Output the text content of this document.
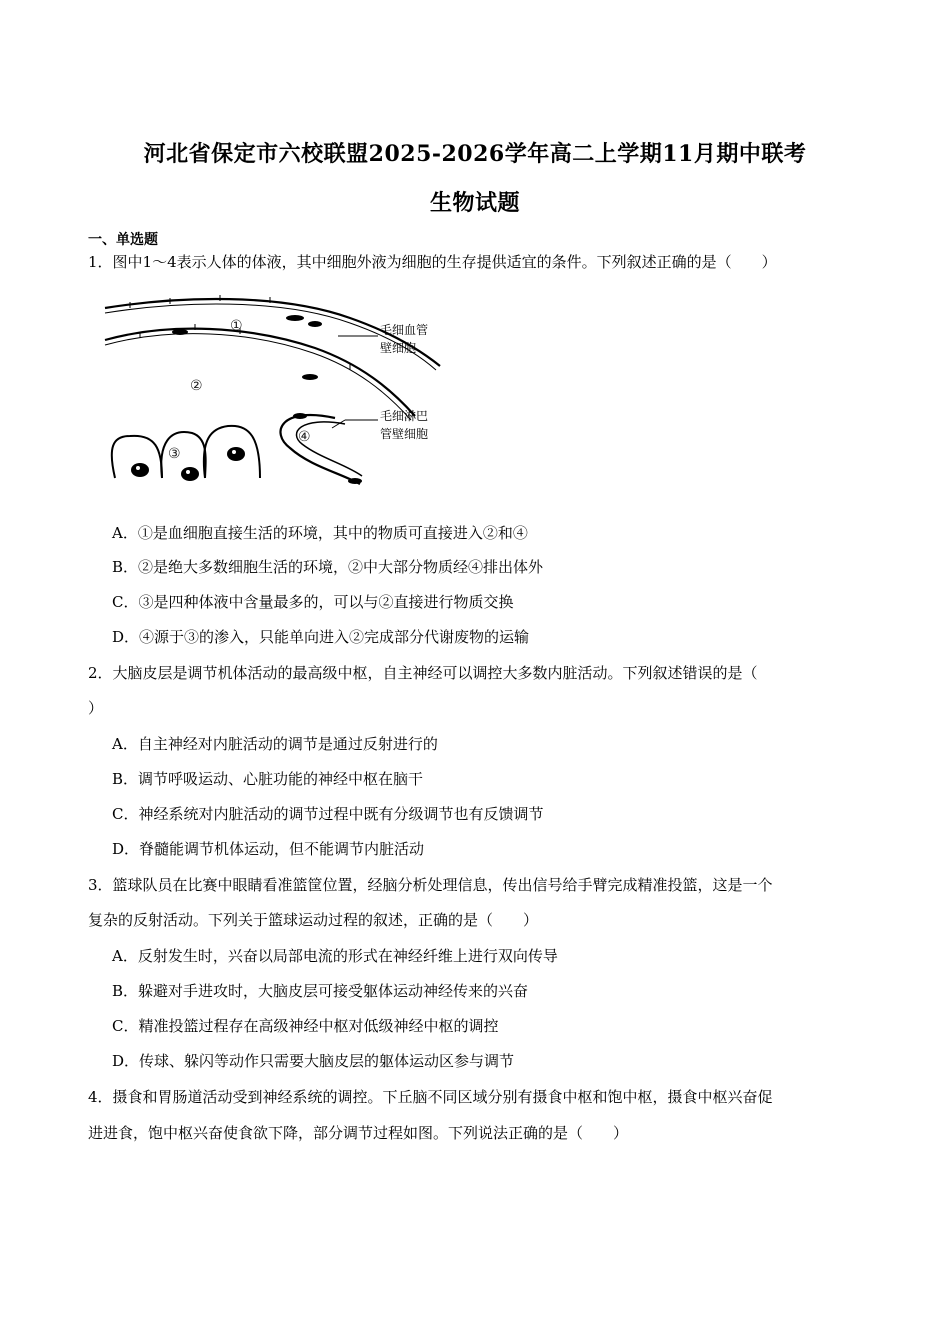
河北省保定市六校联盟2025-2026学年高二上学期11月期中联考
生物试题
一、单选题
1．图中1～4表示人体的体液，其中细胞外液为细胞的生存提供适宜的条件。下列叙述正确的是（　　）
①
②
③
④
毛细血管
壁细胞
毛细淋巴
管壁细胞
A．①是血细胞直接生活的环境，其中的物质可直接进入②和④
B．②是绝大多数细胞生活的环境，②中大部分物质经④排出体外
C．③是四种体液中含量最多的，可以与②直接进行物质交换
D．④源于③的渗入，只能单向进入②完成部分代谢废物的运输
2．大脑皮层是调节机体活动的最高级中枢，自主神经可以调控大多数内脏活动。下列叙述错误的是（
）
A．自主神经对内脏活动的调节是通过反射进行的
B．调节呼吸运动、心脏功能的神经中枢在脑干
C．神经系统对内脏活动的调节过程中既有分级调节也有反馈调节
D．脊髓能调节机体运动，但不能调节内脏活动
3．篮球队员在比赛中眼睛看准篮筐位置，经脑分析处理信息，传出信号给手臂完成精准投篮，这是一个
复杂的反射活动。下列关于篮球运动过程的叙述，正确的是（　　）
A．反射发生时，兴奋以局部电流的形式在神经纤维上进行双向传导
B．躲避对手进攻时，大脑皮层可接受躯体运动神经传来的兴奋
C．精准投篮过程存在高级神经中枢对低级神经中枢的调控
D．传球、躲闪等动作只需要大脑皮层的躯体运动区参与调节
4．摄食和胃肠道活动受到神经系统的调控。下丘脑不同区域分别有摄食中枢和饱中枢，摄食中枢兴奋促
进进食，饱中枢兴奋使食欲下降，部分调节过程如图。下列说法正确的是（　　）
